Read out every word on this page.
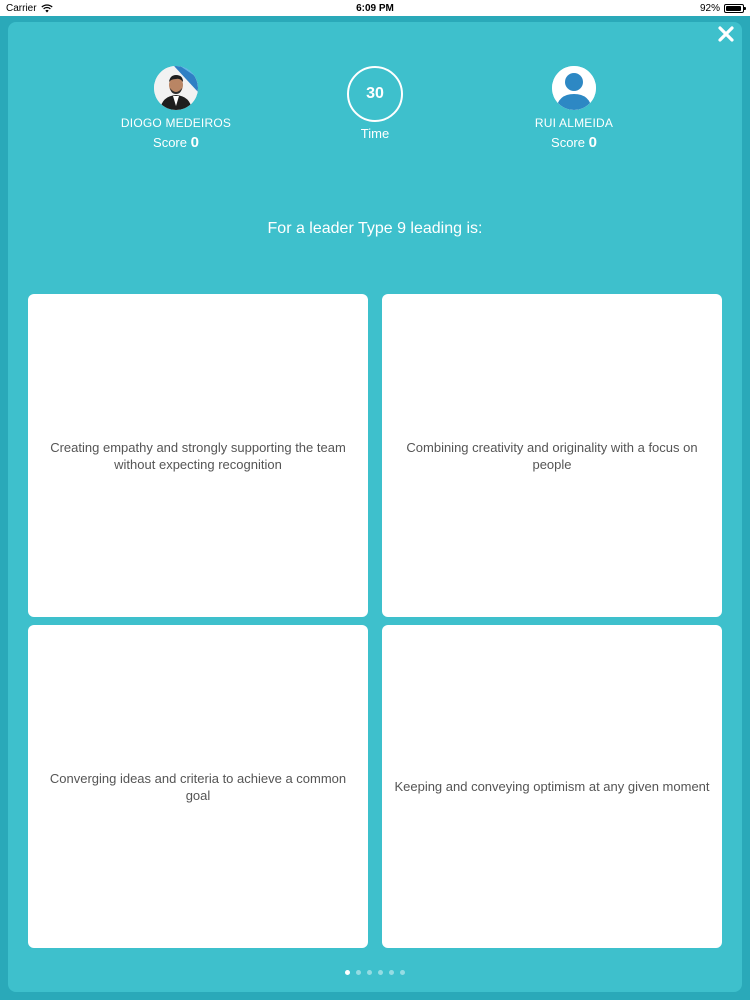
Carrier	6:09 PM	92%
DIOGO MEDEIROS
Score 0
30
Time
RUI ALMEIDA
Score 0
For a leader Type 9 leading is:
Creating empathy and strongly supporting the team without expecting recognition
Combining creativity and originality with a focus on people
Converging ideas and criteria to achieve a common goal
Keeping and conveying optimism at any given moment
